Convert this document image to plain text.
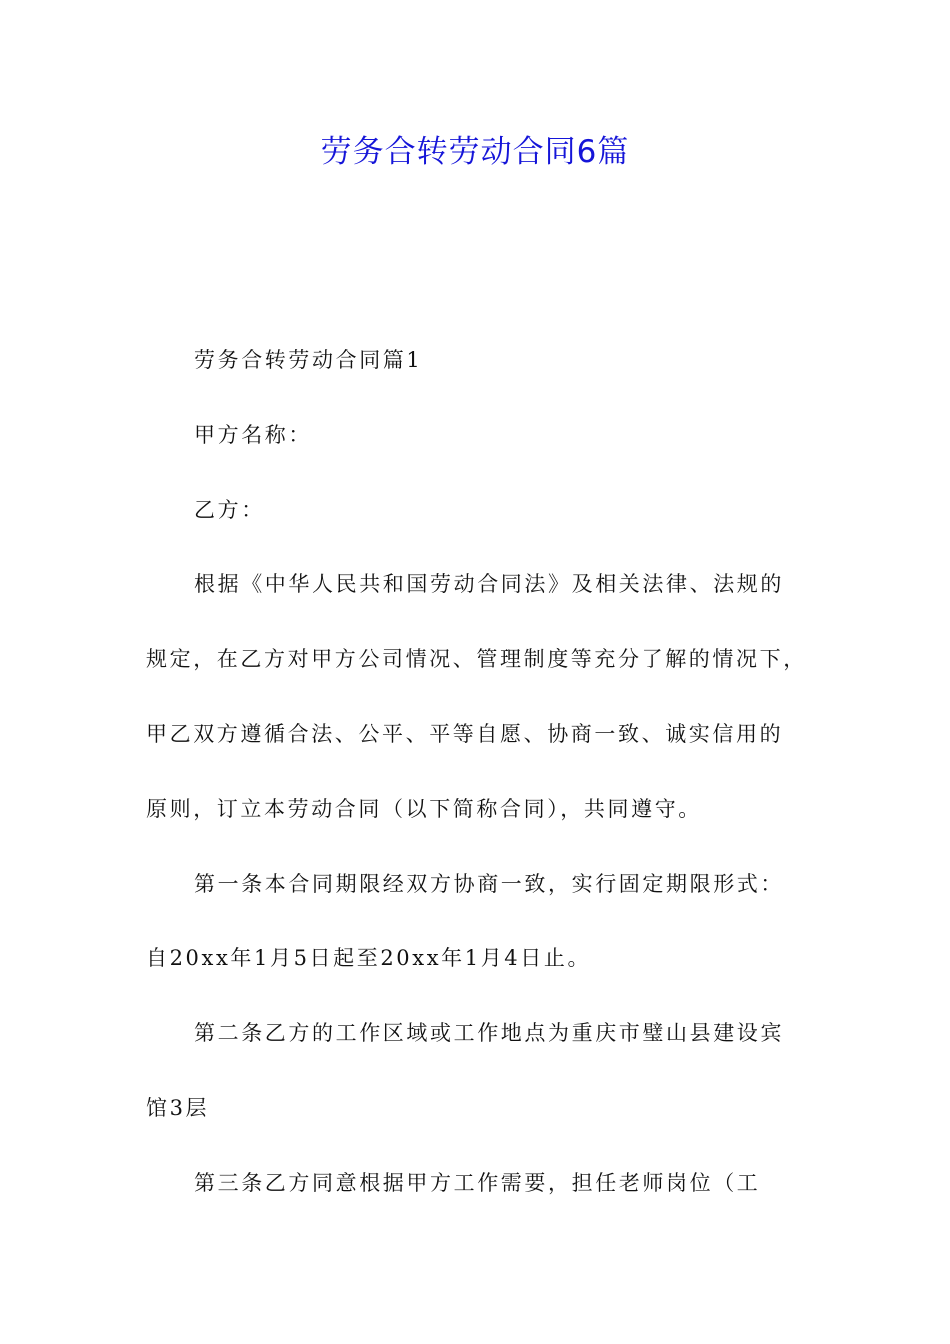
劳务合转劳动合同6篇
劳务合转劳动合同篇1
甲方名称：
乙方：
根据《中华人民共和国劳动合同法》及相关法律、法规的
规定，在乙方对甲方公司情况、管理制度等充分了解的情况下，
甲乙双方遵循合法、公平、平等自愿、协商一致、诚实信用的
原则，订立本劳动合同（以下简称合同），共同遵守。
第一条本合同期限经双方协商一致，实行固定期限形式：
自20xx年1月5日起至20xx年1月4日止。
第二条乙方的工作区域或工作地点为重庆市璧山县建设宾
馆3层
第三条乙方同意根据甲方工作需要，担任老师岗位（工
